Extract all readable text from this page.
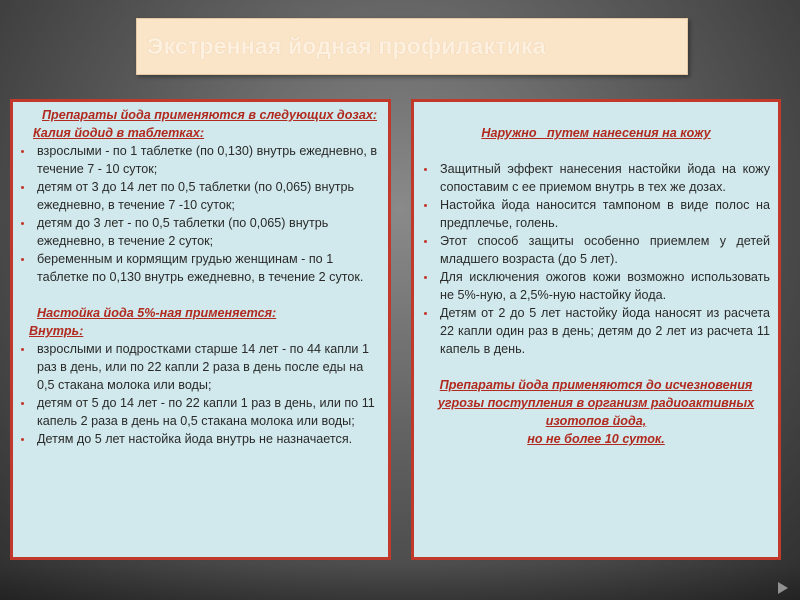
Экстренная йодная профилактика
Препараты йода применяются в следующих дозах:
Калия йодид в таблетках:
взрослыми - по 1 таблетке (по 0,130) внутрь ежедневно, в течение 7 - 10 суток;
детям от 3 до 14 лет по 0,5 таблетки (по 0,065) внутрь ежедневно, в течение 7 -10 суток;
детям до 3 лет - по 0,5 таблетки (по 0,065) внутрь ежедневно, в течение 2 суток;
беременным и кормящим грудью женщинам - по 1 таблетке по 0,130 внутрь ежедневно, в течение 2 суток.
Настойка йода 5%-ная применяется:
Внутрь:
взрослыми и подростками старше 14 лет - по 44 капли 1 раз в день, или по 22 капли 2 раза в день после еды на 0,5 стакана молока или воды;
детям от 5 до 14 лет - по 22 капли 1 раз в день, или по 11 капель 2 раза в день на 0,5 стакана молока или воды;
Детям до 5 лет настойка йода внутрь не назначается.
Наружно   путем нанесения на кожу
Защитный эффект нанесения настойки йода на кожу сопоставим с ее приемом внутрь в тех же дозах.
Настойка йода наносится тампоном в виде полос на предплечье, голень.
Этот способ защиты особенно приемлем у детей младшего возраста (до 5 лет).
Для исключения ожогов кожи возможно использовать не 5%-ную, а 2,5%-ную настойку йода.
Детям от 2 до 5 лет настойку йода наносят из расчета 22 капли один раз в день; детям до 2 лет из расчета 11 капель в день.
Препараты йода применяются до исчезновения угрозы поступления в организм радиоактивных изотопов йода,
но не более 10 суток.
